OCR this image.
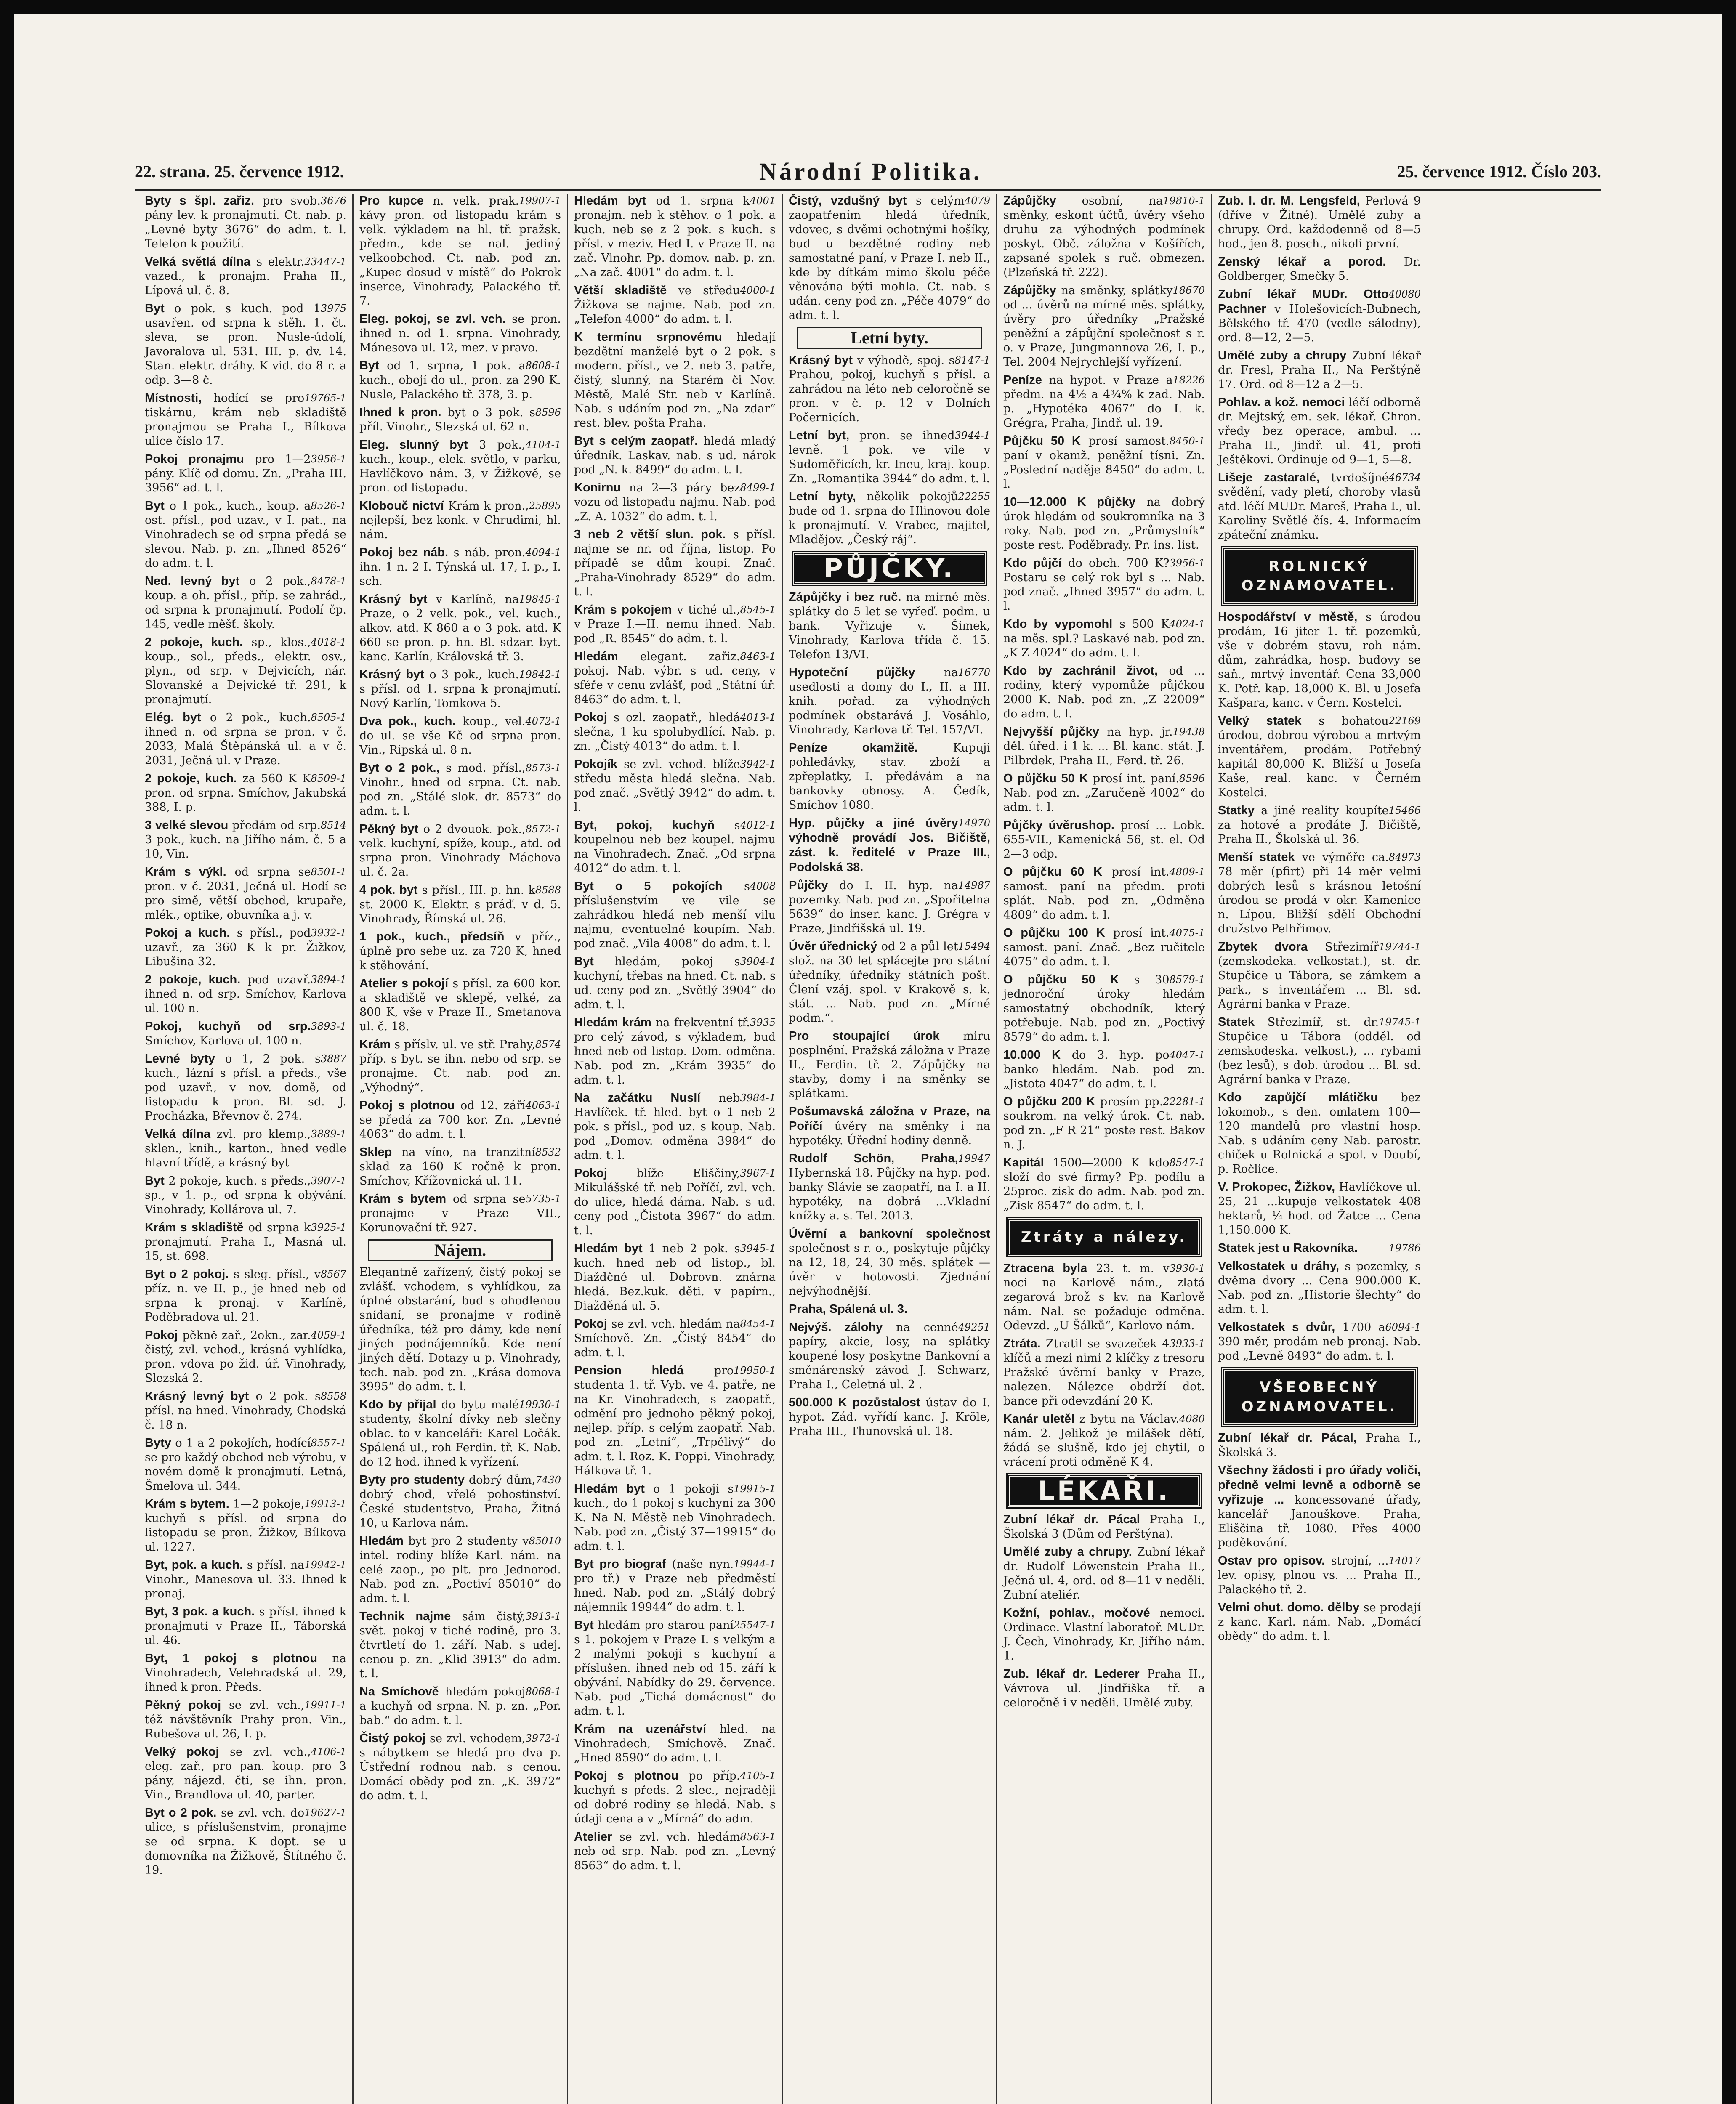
22. strana. 25. července 1912.	Národní Politika.	25. července 1912. Číslo 203.
3676
Byty s špl. zařiz. pro svob. pány lev. k pronajmutí. Ct. nab. p. „Levné byty 3676“ do adm. t. l. Telefon k použití.
23447-1
Velká světlá dílna s elektr. vazed., k pronajm. Praha II., Lípová ul. č. 8.
3975
Byt o pok. s kuch. pod 1 usavřen. od srpna k stěh. 1. čt. sleva, se pron. Nusle-údolí, Javoralova ul. 531. III. p. dv. 14. Stan. elektr. dráhy. K vid. do 8 r. a odp. 3—8 č.
19765-1
Místnosti, hodící se pro tiskárnu, krám neb skladiště pronajmou se Praha I., Bílkova ulice číslo 17.
3956-1
Pokoj pronajmu pro 1—2 pány. Klíč od domu. Zn. „Praha III. 3956“ ad. t. l.
8526-1
Byt o 1 pok., kuch., koup. a ost. přísl., pod uzav., v I. pat., na Vinohradech se od srpna předá se slevou. Nab. p. zn. „Ihned 8526“ do adm. t. l.
8478-1
Ned. levný byt o 2 pok., koup. a oh. přísl., příp. se zahrád., od srpna k pronajmutí. Podolí čp. 145, vedle měšť. školy.
4018-1
2 pokoje, kuch. sp., klos., koup., sol., předs., elektr. osv., plyn., od srp. v Dejvicích, nár. Slovanské a Dejvické tř. 291, k pronajmutí.
8505-1
Elég. byt o 2 pok., kuch. ihned n. od srpna se pron. v č. 2033, Malá Štěpánská ul. a v č. 2031, Ječná ul. v Praze.
8509-1
2 pokoje, kuch. za 560 K K pron. od srpna. Smíchov, Jakubská 388, I. p.
8514
3 velké slevou předám od srp. 3 pok., kuch. na Jiřího nám. č. 5 a 10, Vin.
8501-1
Krám s výkl. od srpna se pron. v č. 2031, Ječná ul. Hodí se pro simě, větší obchod, krupaře, mlék., optike, obuvníka a j. v.
3932-1
Pokoj a kuch. s přísl., pod uzavř., za 360 K k pr. Žižkov, Libušina 32.
3894-1
2 pokoje, kuch. pod uzavř. ihned n. od srp. Smíchov, Karlova ul. 100 n.
3893-1
Pokoj, kuchyň od srp. Smíchov, Karlova ul. 100 n.
3887
Levné byty o 1, 2 pok. s kuch., lázní s přísl. a předs., vše pod uzavř., v nov. domě, od listopadu k pron. Bl. sd. J. Procházka, Břevnov č. 274.
3889-1
Velká dílna zvl. pro klemp., sklen., knih., karton., hned vedle hlavní třídě, a krásný byt
3907-1
Byt 2 pokoje, kuch. s předs., sp., v 1. p., od srpna k obývání. Vinohrady, Kollárova ul. 7.
3925-1
Krám s skladiště od srpna k pronajmutí. Praha I., Masná ul. 15, st. 698.
8567
Byt o 2 pokoj. s sleg. přísl., v příz. n. ve II. p., je hned neb od srpna k pronaj. v Karlíně, Poděbradova ul. 21.
4059-1
Pokoj pěkně zař., 2okn., zar. čistý, zvl. vchod., krásná vyhlídka, pron. vdova po žid. úř. Vinohrady, Slezská 2.
8558
Krásný levný byt o 2 pok. s přísl. na hned. Vinohrady, Chodská č. 18 n.
8557-1
Byty o 1 a 2 pokojích, hodící se pro každý obchod neb výrobu, v novém domě k pronajmutí. Letná, Šmelova ul. 344.
19913-1
Krám s bytem. 1—2 pokoje, kuchyň s přísl. od srpna do listopadu se pron. Žižkov, Bílkova ul. 1227.
19942-1
Byt, pok. a kuch. s přísl. na Vinohr., Manesova ul. 33. Ihned k pronaj.
Byt, 3 pok. a kuch. s přísl. ihned k pronajmutí v Praze II., Táborská ul. 46.
Byt, 1 pokoj s plotnou na Vinohradech, Velehradská ul. 29, ihned k pron. Předs.
19911-1
Pěkný pokoj se zvl. vch., též návštěvník Prahy pron. Vin., Rubešova ul. 26, I. p.
4106-1
Velký pokoj se zvl. vch., eleg. zař., pro pan. koup. pro 3 pány, nájezd. čti, se ihn. pron. Vin., Brandlova ul. 40, parter.
19627-1
Byt o 2 pok. se zvl. vch. do ulice, s příslušenstvím, pronajme se od srpna. K dopt. se u domovníka na Žižkově, Štítného č. 19.
19907-1
Pro kupce n. velk. prak. kávy pron. od listopadu krám s velk. výkladem na hl. tř. pražsk. předm., kde se nal. jediný velkoobchod. Ct. nab. pod zn. „Kupec dosud v místě“ do Pokrok inserce, Vinohrady, Palackého tř. 7.
Eleg. pokoj, se zvl. vch. se pron. ihned n. od 1. srpna. Vinohrady, Mánesova ul. 12, mez. v pravo.
8608-1
Byt od 1. srpna, 1 pok. a kuch., obojí do ul., pron. za 290 K. Nusle, Palackého tř. 378, 3. p.
8596
Ihned k pron. byt o 3 pok. s příl. Vinohr., Slezská ul. 62 n.
4104-1
Eleg. slunný byt 3 pok., kuch., koup., elek. světlo, v parku, Havlíčkovo nám. 3, v Žižkově, se pron. od listopadu.
25895
Klobouč nictví Krám k pron., nejlepší, bez konk. v Chrudimi, hl. nám.
4094-1
Pokoj bez náb. s náb. pron. ihn. 1 n. 2 I. Týnská ul. 17, I. p., I. sch.
19845-1
Krásný byt v Karlíně, na Praze, o 2 velk. pok., vel. kuch., alkov. atd. K 860 a o 3 pok. atd. K 660 se pron. p. hn. Bl. sdzar. byt. kanc. Karlín, Královská tř. 3.
19842-1
Krásný byt o 3 pok., kuch. s přísl. od 1. srpna k pronajmutí. Nový Karlín, Tomkova 5.
4072-1
Dva pok., kuch. koup., vel. do ul. se vše Kč od srpna pron. Vin., Ripská ul. 8 n.
8573-1
Byt o 2 pok., s mod. přísl., Vinohr., hned od srpna. Ct. nab. pod zn. „Stálé slok. dr. 8573“ do adm. t. l.
8572-1
Pěkný byt o 2 dvouok. pok., velk. kuchyní, spíže, koup., atd. od srpna pron. Vinohrady Máchova ul. č. 2a.
8588
4 pok. byt s přísl., III. p. hn. k st. 2000 K. Elektr. s práď. v d. 5. Vinohrady, Římská ul. 26.
1 pok., kuch., předsíň v příz., úplně pro sebe uz. za 720 K, hned k stěhování.
Atelier s pokojí s přísl. za 600 kor. a skladiště ve sklepě, velké, za 800 K, vše v Praze II., Smetanova ul. č. 18.
8574
Krám s příslv. ul. ve stř. Prahy, příp. s byt. se ihn. nebo od srp. se pronajme. Ct. nab. pod zn. „Výhodný“.
4063-1
Pokoj s plotnou od 12. září se předá za 700 kor. Zn. „Levné 4063“ do adm. t. l.
8532
Sklep na víno, na tranzitní sklad za 160 K ročně k pron. Smíchov, Křížovnická ul. 11.
5735-1
Krám s bytem od srpna se pronajme v Praze VII., Korunovační tř. 927.
Nájem.
Elegantně zařízený, čistý pokoj se zvlášť. vchodem, s vyhlídkou, za úplné obstarání, bud s ohodlenou snídaní, se pronajme v rodině úředníka, též pro dámy, kde není jiných podnájemníků. Kde není jiných dětí. Dotazy u p. Vinohrady, tech. nab. pod zn. „Krása domova 3995“ do adm. t. l.
19930-1
Kdo by přijal do bytu malé studenty, školní dívky neb slečny oblac. to v kanceláři: Karel Ločák. Spálená ul., roh Ferdin. tř. K. Nab. do 12 hod. ihned k vyřízení.
7430
Byty pro studenty dobrý dům, dobrý chod, vřelé pohostinství. České studentstvo, Praha, Žitná 10, u Karlova nám.
85010
Hledám byt pro 2 studenty v intel. rodiny blíže Karl. nám. na celé zaop., po plt. pro Jednorod. Nab. pod zn. „Poctiví 85010“ do adm. t. l.
3913-1
Technik najme sám čistý, svět. pokoj v tiché rodině, pro 3. čtvrtletí do 1. září. Nab. s udej. cenou p. zn. „Klid 3913“ do adm. t. l.
8068-1
Na Smíchově hledám pokoj a kuchyň od srpna. N. p. zn. „Por. bab.“ do adm. t. l.
3972-1
Čistý pokoj se zvl. vchodem, s nábytkem se hledá pro dva p. Ústřední rodnou nab. s cenou. Domácí obědy pod zn. „K. 3972“ do adm. t. l.
4001
Hledám byt od 1. srpna k pronajm. neb k stěhov. o 1 pok. a kuch. neb se z 2 pok. s kuch. s přísl. v meziv. Hed I. v Praze II. na zač. Vinohr. Pp. domov. nab. p. zn. „Na zač. 4001“ do adm. t. l.
4000-1
Větší skladiště ve středu Žižkova se najme. Nab. pod zn. „Telefon 4000“ do adm. t. l.
K termínu srpnovému hledají bezdětní manželé byt o 2 pok. s modern. přísl., ve 2. neb 3. patře, čistý, slunný, na Starém či Nov. Městě, Malé Str. neb v Karlíně. Nab. s udáním pod zn. „Na zdar“ rest. blev. pošta Praha.
Byt s celým zaopatř. hledá mladý úředník. Laskav. nab. s ud. nárok pod „N. k. 8499“ do adm. t. l.
8499-1
Konirnu na 2—3 páry bez vozu od listopadu najmu. Nab. pod „Z. A. 1032“ do adm. t. l.
3 neb 2 větší slun. pok. s přísl. najme se nr. od října, listop. Po případě se dům koupí. Znač. „Praha-Vinohrady 8529“ do adm. t. l.
8545-1
Krám s pokojem v tiché ul., v Praze I.—II. nemu ihned. Nab. pod „R. 8545“ do adm. t. l.
8463-1
Hledám elegant. zařiz. pokoj. Nab. výbr. s ud. ceny, v sféře v cenu zvlášť, pod „Státní úř. 8463“ do adm. t. l.
4013-1
Pokoj s ozl. zaopatř., hledá slečna, 1 ku spolubydlící. Nab. p. zn. „Čistý 4013“ do adm. t. l.
3942-1
Pokojík se zvl. vchod. blíže středu města hledá slečna. Nab. pod znač. „Světlý 3942“ do adm. t. l.
4012-1
Byt, pokoj, kuchyň s koupelnou neb bez koupel. najmu na Vinohradech. Znač. „Od srpna 4012“ do adm. t. l.
4008
Byt o 5 pokojích s příslušenstvím ve vile se zahrádkou hledá neb menší vilu najmu, eventuelně koupím. Nab. pod znač. „Vila 4008“ do adm. t. l.
3904-1
Byt hledám, pokoj s kuchyní, třebas na hned. Ct. nab. s ud. ceny pod zn. „Světlý 3904“ do adm. t. l.
3935
Hledám krám na frekventní tř. pro celý závod, s výkladem, bud hned neb od listop. Dom. odměna. Nab. pod zn. „Krám 3935“ do adm. t. l.
3984-1
Na začátku Nuslí neb Havlíček. tř. hled. byt o 1 neb 2 pok. s přísl., pod uz. s koup. Nab. pod „Domov. odměna 3984“ do adm. t. l.
3967-1
Pokoj	blíže Eliščiny, Mikulášské tř. neb Poříčí, zvl. vch. do ulice, hledá dáma. Nab. s ud. ceny pod „Čistota 3967“ do adm. t. l.
3945-1
Hledám byt 1 neb 2 pok. s kuch. hned neb od listop., bl. Diaždčné ul. Dobrovn. znárna hledá. Bez.kuk. děti. v papírn., Diažděná ul. 5.
8454-1
Pokoj se zvl. vch. hledám na Smíchově. Zn. „Čistý 8454“ do adm. t. l.
19950-1
Pension hledá	pro studenta 1. tř. Vyb. ve 4. patře, ne na Kr. Vinohradech, s zaopatř., odmění pro jednoho pěkný pokoj, nejlep. příp. s celým zaopatř. Nab. pod zn. „Letní“, „Trpělivý“ do adm. t. l. Roz. K. Poppi. Vinohrady, Hálkova tř. 1.
19915-1
Hledám byt o 1 pokoji s kuch., do 1 pokoj s kuchyní za 300 K. Na N. Městě neb Vinohradech. Nab. pod zn. „Čistý 37—19915“ do adm. t. l.
19944-1
Byt pro biograf (naše nyn. pro tř.) v Praze neb předměstí hned. Nab. pod zn. „Stálý dobrý nájemník 19944“ do adm. t. l.
25547-1
Byt hledám pro starou paní s 1. pokojem v Praze I. s velkým a 2 malými pokoji s kuchyní a příslušen. ihned neb od 15. září k obývání. Nabídky do 29. července. Nab. pod „Tichá domácnost“ do adm. t. l.
Krám na uzenářství hled. na Vinohradech, Smíchově. Znač. „Hned 8590“ do adm. t. l.
4105-1
Pokoj s plotnou po příp. kuchyň s předs. 2 slec., nejraději od dobré rodiny se hledá. Nab. s údaji cena a v „Mírná“ do adm.
8563-1
Atelier se zvl. vch. hledám neb od srp. Nab. pod zn. „Levný 8563“ do adm. t. l.
4079
Čistý, vzdušný byt s celým zaopatřením hledá úředník, vdovec, s dvěmi ochotnými hošíky, bud u bezdětné rodiny neb samostatné paní, v Praze I. neb II., kde by dítkám mimo školu péče věnována býti mohla. Ct. nab. s udán. ceny pod zn. „Péče 4079“ do adm. t. l.
Letní byty.
8147-1
Krásný byt v výhodě, spoj. s Prahou, pokoj, kuchyň s přísl. a zahrádou na léto neb celoročně se pron. v č. p. 12 v Dolních Počernicích.
3944-1
Letní byt, pron. se ihned levně. 1 pok. ve vile v Sudoměřicích, kr. Ineu, kraj. koup. Zn. „Romantika 3944“ do adm. t. l.
22255
Letní byty, několik pokojů bude od 1. srpna do Hlinovou dole k pronajmutí. V. Vrabec, majitel, Mladějov. „Český ráj“.
PŮJČKY.
Zápůjčky i bez ruč. na mírné měs. splátky do 5 let se vyřeď. podm. u bank. Vyřizuje v. Šimek, Vinohrady, Karlova třída č. 15. Telefon 13/VI.
16770
Hypoteční půjčky	na usedlosti a domy do I., II. a III. knih. pořad. za výhodných podmínek obstarává J. Vosáhlo, Vinohrady, Karlova tř. Tel. 157/VI.
Peníze okamžitě.	Kupuji pohledávky, stav. zboží a zpřeplatky, I. předávám a na bankovky obnosy. A. Čedík, Smíchov 1080.
14970
Hyp. půjčky a jiné úvěry výhodně provádí Jos. Bičiště, zást. k. ředitelé v Praze III., Podolská 38.
14987
Půjčky do I. II. hyp. na pozemky. Nab. pod zn. „Spořitelna 5639“ do inser. kanc. J. Grégra v Praze, Jindřišská ul. 19.
15494
Úvěr úřednický od 2 a půl let slož. na 30 let splácejte pro státní úředníky, úředníky státních pošt. Člení vzáj. spol. v Krakově s. k. stát. ... Nab. pod zn. „Mírné podm.“.
Pro stoupající úrok miru posplnění. Pražská záložna v Praze II., Ferdin. tř. 2. Zápůjčky na stavby, domy i na směnky se splátkami.
Pošumavská záložna v Praze, na Poříčí úvěry na směnky i na hypotéky. Úřední hodiny denně.
19947
Rudolf Schön, Praha, Hybernská 18. Půjčky na hyp. pod. banky Slávie se zaopatří, na I. a II. hypotéky, na dobrá ...Vkladní knížky a. s. Tel. 2013.
Úvěrní a bankovní společnost společnost s r. o., poskytuje půjčky na 12, 18, 24, 30 měs. splátek — úvěr v hotovosti. Zjednání nejvýhodnější.
Praha, Spálená ul. 3.
49251
Nejvýš. zálohy na cenné papíry, akcie, losy, na splátky koupené losy poskytne Bankovní a směnárenský závod J. Schwarz, Praha I., Celetná ul. 2 .
500.000 K pozůstalost ústav do I. hypot. Zád. vyřídí kanc. J. Kröle, Praha III., Thunovská ul. 18.
19810-1
Zápůjčky osobní, na směnky, eskont účtů, úvěry všeho druhu za výhodných podmínek poskyt. Obč. záložna v Košířích, zapsané spolek s ruč. obmezen. (Plzeňská tř. 222).
18670
Zápůjčky na směnky, splátky od ... úvěrů na mírné měs. splátky, úvěry pro úředníky „Pražské peněžní a zápůjční společnost s r. o. v Praze, Jungmannova 26, I. p., Tel. 2004 Nejrychlejší vyřízení.
18226
Peníze na hypot. v Praze a předm. na 4½ a 4¾% k zad. Nab. p. „Hypotéka 4067“ do I. k. Grégra, Praha, Jindř. ul. 19.
8450-1
Půjčku 50 K prosí samost. paní v okamž. peněžní tísni. Zn. „Poslední naděje 8450“ do adm. t. l.
10—12.000 K půjčky na dobrý úrok hledám od soukromníka na 3 roky. Nab. pod zn. „Průmyslník“ poste rest. Poděbrady. Pr. ins. list.
3956-1
Kdo půjčí do obch. 700 K? Postaru se celý rok byl s ... Nab. pod znač. „Ihned 3957“ do adm. t. l.
4024-1
Kdo by vypomohl s 500 K na měs. spl.? Laskavé nab. pod zn. „K Z 4024“ do adm. t. l.
Kdo by zachránil život, od ... rodiny, který vypomůže půjčkou 2000 K. Nab. pod zn. „Z 22009“ do adm. t. l.
19438
Nejvyšší půjčky na hyp. jr. děl. úřed. i 1 k. ... Bl. kanc. stát. J. Pilbrdek, Praha II., Ferd. tř. 26.
8596
O půjčku 50 K prosí int. paní. Nab. pod zn. „Zaručeně 4002“ do adm. t. l.
Půjčky úvěrushop. prosí ... Lobk. 655-VII., Kamenická 56, st. el. Od 2—3 odp.
4809-1
O půjčku 60 K prosí int. samost. paní na předm. proti splát. Nab. pod zn. „Odměna 4809“ do adm. t. l.
4075-1
O půjčku 100 K prosí int. samost. paní. Znač. „Bez ručitele 4075“ do adm. t. l.
8579-1
O půjčku 50 K s 30 jednoroční úroky hledám samostatný obchodník, který potřebuje. Nab. pod zn. „Poctivý 8579“ do adm. t. l.
4047-1
10.000 K do 3. hyp. po banko hledám. Nab. pod zn. „Jistota 4047“ do adm. t. l.
22281-1
O půjčku 200 K prosím pp. soukrom. na velký úrok. Ct. nab. pod zn. „F R 21“ poste rest. Bakov n. J.
8547-1
Kapitál 1500—2000 K kdo složí do své firmy? Pp. podílu a 25proc. zisk do adm. Nab. pod zn. „Zisk 8547“ do adm. t. l.
Ztráty a nálezy.
3930-1
Ztracena byla 23. t. m. v noci na Karlově nám., zlatá zegarová brož s kv. na Karlově nám. Nal. se požaduje odměna. Odevzd. „U Šálků“, Karlovo nám.
3933-1
Ztráta. Ztratil se svazeček 4 klíčů a mezi nimi 2 klíčky z tresoru Pražské úvěrní banky v Praze, nalezen. Nálezce obdrží dot. bance při odevzdání 20 K.
4080
Kanár uletěl z bytu na Václav. nám. 2. Jelikož je milášek dětí, žádá se slušně, kdo jej chytil, o vrácení proti odměně K 4.
LÉKAŘI.
Zubní lékař dr. Pácal Praha I., Školská 3 (Dům od Perštýna).
Umělé zuby a chrupy. Zubní lékař dr. Rudolf Löwenstein Praha II., Ječná ul. 4, ord. od 8—11 v neděli. Zubní ateliér.
Kožní, pohlav., močové nemoci. Ordinace. Vlastní laboratoř. MUDr. J. Čech, Vinohrady, Kr. Jiřího nám. 1.
Zub. lékař dr. Lederer Praha II., Vávrova ul. Jindřiška tř. a celoročně i v neděli. Umělé zuby.
Zub. l. dr. M. Lengsfeld, Perlová 9 (dříve v Žitné). Umělé zuby a chrupy. Ord. každodenně od 8—5 hod., jen 8. posch., nikoli první.
Zenský lékař a porod. Dr. Goldberger, Smečky 5.
40080
Zubní lékař MUDr. Otto Pachner v Holešovicích-Bubnech, Bělského tř. 470 (vedle sálodny), ord. 8—12, 2—5.
Umělé zuby a chrupy Zubní lékař dr. Fresl, Praha II., Na Perštýně 17. Ord. od 8—12 a 2—5.
Pohlav. a kož. nemoci léčí odborně dr. Mejtský, em. sek. lékař. Chron. vředy bez operace, ambul. ... Praha II., Jindř. ul. 41, proti Ještěkovi. Ordinuje od 9—1, 5—8.
46734
Lišeje zastaralé, tvrdošíjné svědění, vady pletí, choroby vlasů atd. léčí MUDr. Mareš, Praha I., ul. Karoliny Světlé čís. 4. Informacím zpáteční známku.
ROLNICKÝ OZNAMOVATEL.
Hospodářství v městě, s úrodou prodám, 16 jiter 1. tř. pozemků, vše v dobrém stavu, roh nám. dům, zahrádka, hosp. budovy se saň., mrtvý inventář. Cena 33,000 K. Potř. kap. 18,000 K. Bl. u Josefa Kašpara, kanc. v Čern. Kostelci.
22169
Velký statek s bohatou úrodou, dobrou výrobou a mrtvým inventářem, prodám. Potřebný kapitál 80,000 K. Bližší u Josefa Kaše, real. kanc. v Černém Kostelci.
15466
Statky a jiné reality koupíte za hotové a prodáte J. Bičiště, Praha II., Školská ul. 36.
84973
Menší statek ve výměře ca. 78 měr (pfirt) při 14 měr velmi dobrých lesů s krásnou letošní úrodou se prodá v okr. Kamenice n. Lípou. Bližší sdělí Obchodní družstvo Pelhřimov.
19744-1
Zbytek dvora Střezimíř (zemskodeka. velkostat.), st. dr. Stupčice u Tábora, se zámkem a park., s inventářem ... Bl. sd. Agrární banka v Praze.
19745-1
Statek Střezimíř, st. dr. Stupčice u Tábora (odděl. od zemskodeska. velkost.), ... rybami (bez lesů), s dob. úrodou ... Bl. sd. Agrární banka v Praze.
Kdo zapůjčí mlátičku bez lokomob., s den. omlatem 100—120 mandelů pro vlastní hosp. Nab. s udáním ceny Nab. parostr. chiček u Rolnická a spol. v Doubí, p. Ročlice.
V. Prokopec, Žižkov, Havlíčkove ul. 25, 21 ...kupuje velkostatek 408 hektarů, ¼ hod. od Žatce ... Cena 1,150.000 K.
19786
Statek jest u Rakovníka.
Velkostatek u dráhy, s pozemky, s dvěma dvory ... Cena 900.000 K. Nab. pod zn. „Historie šlechty“ do adm. t. l.
6094-1
Velkostatek s dvůr, 1700 a 390 měr, prodám neb pronaj. Nab. pod „Levně 8493“ do adm. t. l.
VŠEOBECNÝ OZNAMOVATEL.
Zubní lékař dr. Pácal, Praha I., Školská 3.
Všechny žádosti i pro úřady voliči, předně velmi levně a odborně se vyřizuje ... koncessované úřady, kancelář Janouškove. Praha, Eliščina tř. 1080. Přes 4000 poděkování.
14017
Ostav pro opisov. strojní, ... lev. opisy, plnou vs. ... Praha II., Palackého tř. 2.
Velmi ohut. domo. dělby se prodají z kanc. Karl. nám. Nab. „Domácí obědy“ do adm. t. l.
